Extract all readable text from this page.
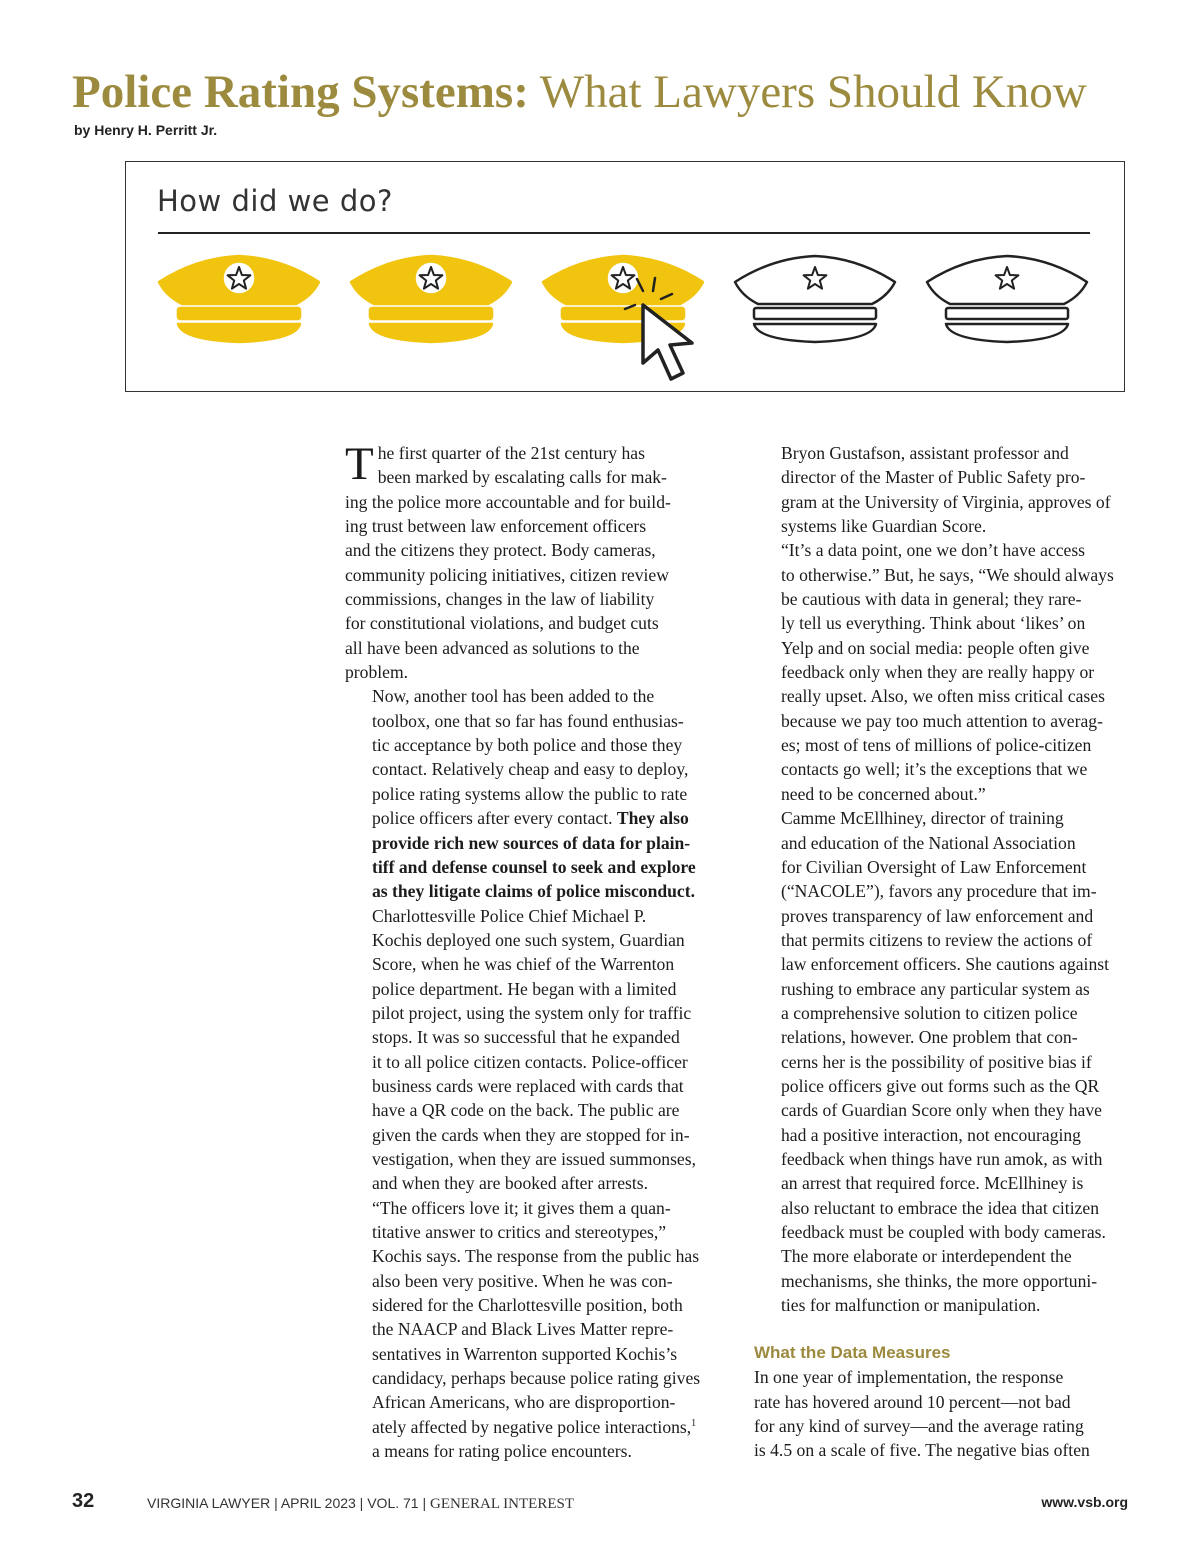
Police Rating Systems: What Lawyers Should Know
by Henry H. Perritt Jr.
How did we do?

T he first quarter of the 21st century has
been marked by escalating calls for mak-
ing the police more accountable and for build-
ing trust between law enforcement officers
and the citizens they protect. Body cameras,
community policing initiatives, citizen review
commissions, changes in the law of liability
for constitutional violations, and budget cuts
all have been advanced as solutions to the
problem.

Now, another tool has been added to the
toolbox, one that so far has found enthusias-
tic acceptance by both police and those they
contact. Relatively cheap and easy to deploy,
police rating systems allow the public to rate
police officers after every contact. They also
provide rich new sources of data for plain-
tiff and defense counsel to seek and explore
as they litigate claims of police misconduct.

Charlottesville Police Chief Michael P.
Kochis deployed one such system, Guardian
Score, when he was chief of the Warrenton
police department. He began with a limited
pilot project, using the system only for traffic
stops. It was so successful that he expanded
it to all police citizen contacts. Police-officer
business cards were replaced with cards that
have a QR code on the back. The public are
given the cards when they are stopped for in-
vestigation, when they are issued summonses,
and when they are booked after arrests.

“The officers love it; it gives them a quan-
titative answer to critics and stereotypes,”
Kochis says. The response from the public has
also been very positive. When he was con-
sidered for the Charlottesville position, both
the NAACP and Black Lives Matter repre-
sentatives in Warrenton supported Kochis’s
candidacy, perhaps because police rating gives
African Americans, who are disproportion-
ately affected by negative police interactions,$^1$
a means for rating police encounters.

Bryon Gustafson, assistant professor and
director of the Master of Public Safety pro-
gram at the University of Virginia, approves of
systems like Guardian Score.

“It’s a data point, one we don’t have access
to otherwise.” But, he says, “We should always
be cautious with data in general; they rare-
ly tell us everything. Think about ‘likes’ on
Yelp and on social media: people often give
feedback only when they are really happy or
really upset. Also, we often miss critical cases
because we pay too much attention to averag-
es; most of tens of millions of police-citizen
contacts go well; it’s the exceptions that we
need to be concerned about.”

Camme McEllhiney, director of training
and education of the National Association
for Civilian Oversight of Law Enforcement
(“NACOLE”), favors any procedure that im-
proves transparency of law enforcement and
that permits citizens to review the actions of
law enforcement officers. She cautions against
rushing to embrace any particular system as
a comprehensive solution to citizen police
relations, however. One problem that con-
cerns her is the possibility of positive bias if
police officers give out forms such as the QR
cards of Guardian Score only when they have
had a positive interaction, not encouraging
feedback when things have run amok, as with
an arrest that required force. McEllhiney is
also reluctant to embrace the idea that citizen
feedback must be coupled with body cameras.
The more elaborate or interdependent the
mechanisms, she thinks, the more opportuni-
ties for malfunction or manipulation.

What the Data Measures

In one year of implementation, the response
rate has hovered around 10 percent—not bad
for any kind of survey—and the average rating
is 4.5 on a scale of five. The negative bias often

32	VIRGINIA LAWYER | APRIL 2023 | VOL. 71 | GENERAL INTEREST	www.vsb.org
